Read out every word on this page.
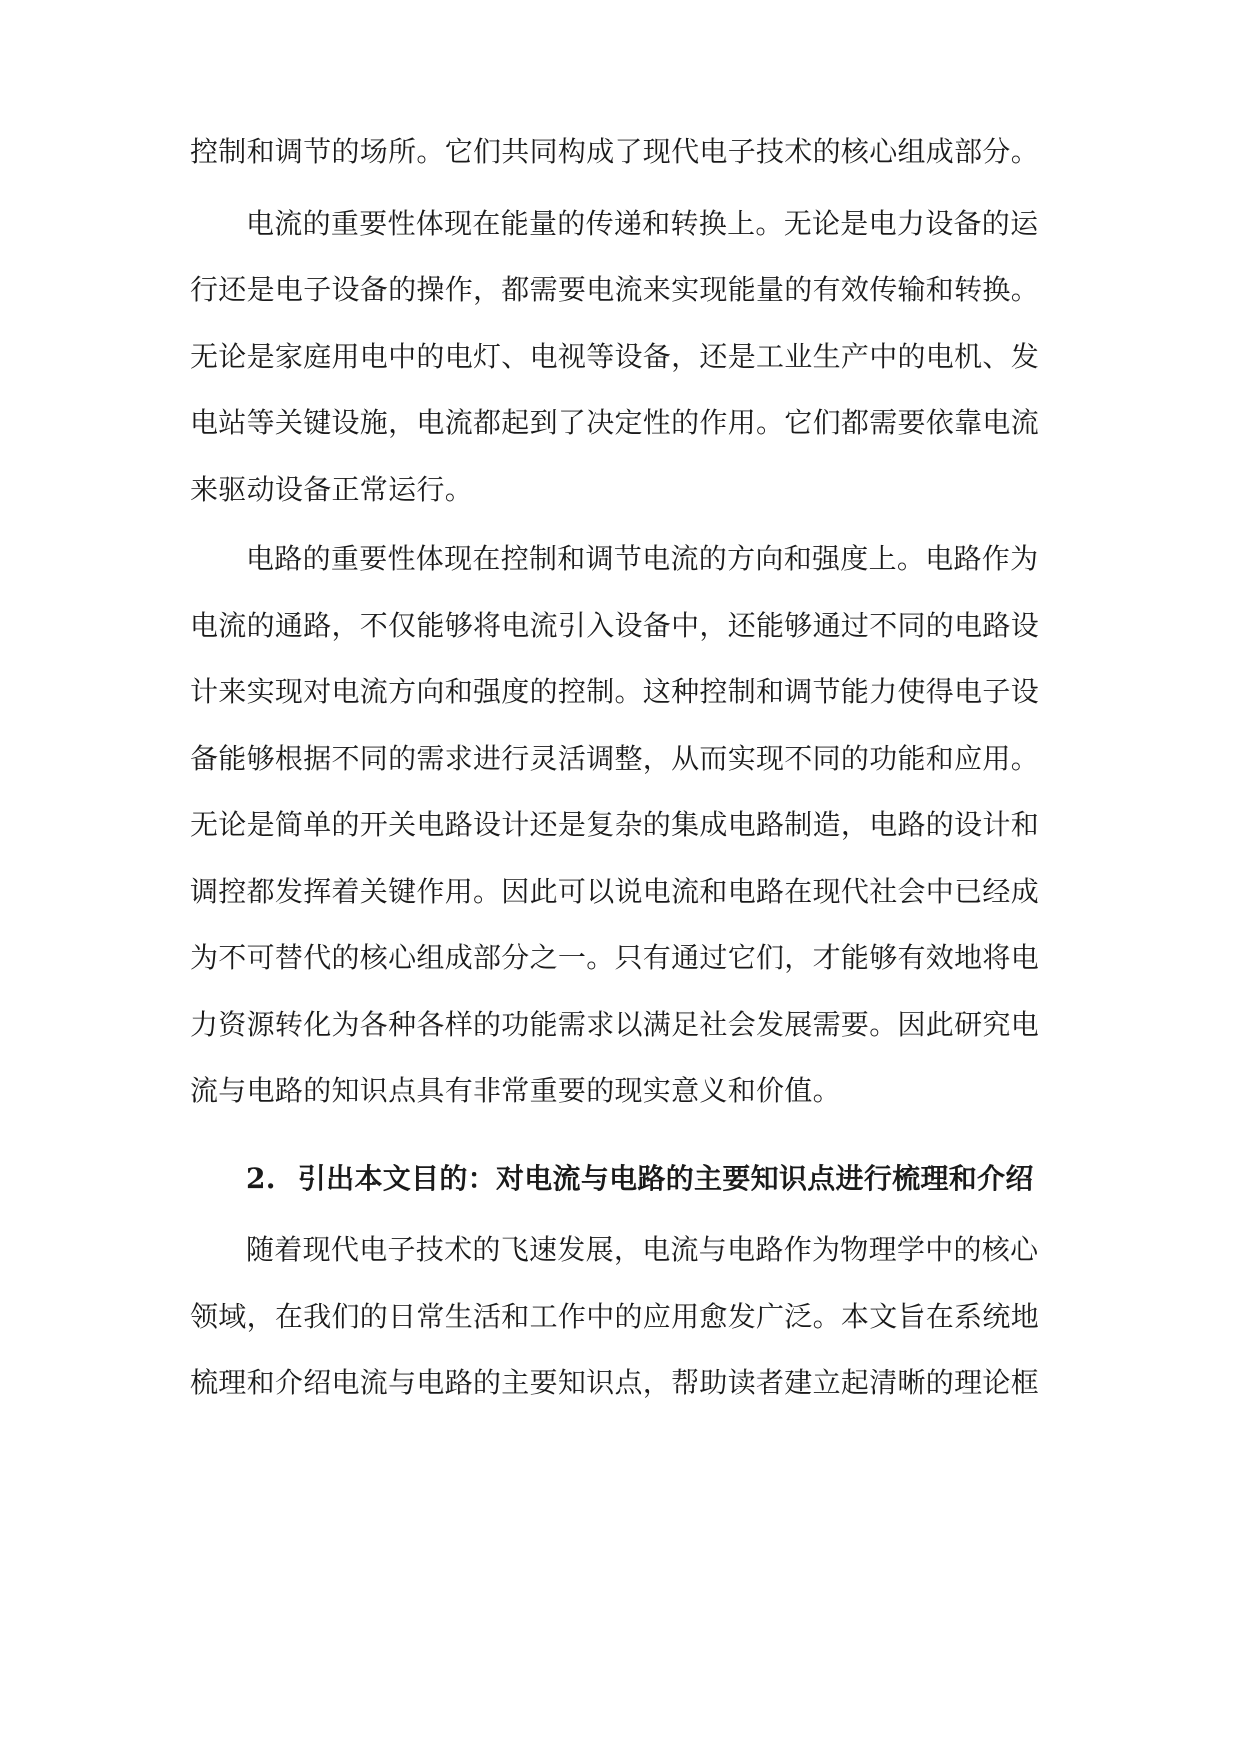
控制和调节的场所。它们共同构成了现代电子技术的核心组成部分。
电流的重要性体现在能量的传递和转换上。无论是电力设备的运
行还是电子设备的操作，都需要电流来实现能量的有效传输和转换。
无论是家庭用电中的电灯、电视等设备，还是工业生产中的电机、发
电站等关键设施，电流都起到了决定性的作用。它们都需要依靠电流
来驱动设备正常运行。
电路的重要性体现在控制和调节电流的方向和强度上。电路作为
电流的通路，不仅能够将电流引入设备中，还能够通过不同的电路设
计来实现对电流方向和强度的控制。这种控制和调节能力使得电子设
备能够根据不同的需求进行灵活调整，从而实现不同的功能和应用。
无论是简单的开关电路设计还是复杂的集成电路制造，电路的设计和
调控都发挥着关键作用。因此可以说电流和电路在现代社会中已经成
为不可替代的核心组成部分之一。只有通过它们，才能够有效地将电
力资源转化为各种各样的功能需求以满足社会发展需要。因此研究电
流与电路的知识点具有非常重要的现实意义和价值。
2. 引出本文目的：对电流与电路的主要知识点进行梳理和介绍
随着现代电子技术的飞速发展，电流与电路作为物理学中的核心
领域，在我们的日常生活和工作中的应用愈发广泛。本文旨在系统地
梳理和介绍电流与电路的主要知识点，帮助读者建立起清晰的理论框
